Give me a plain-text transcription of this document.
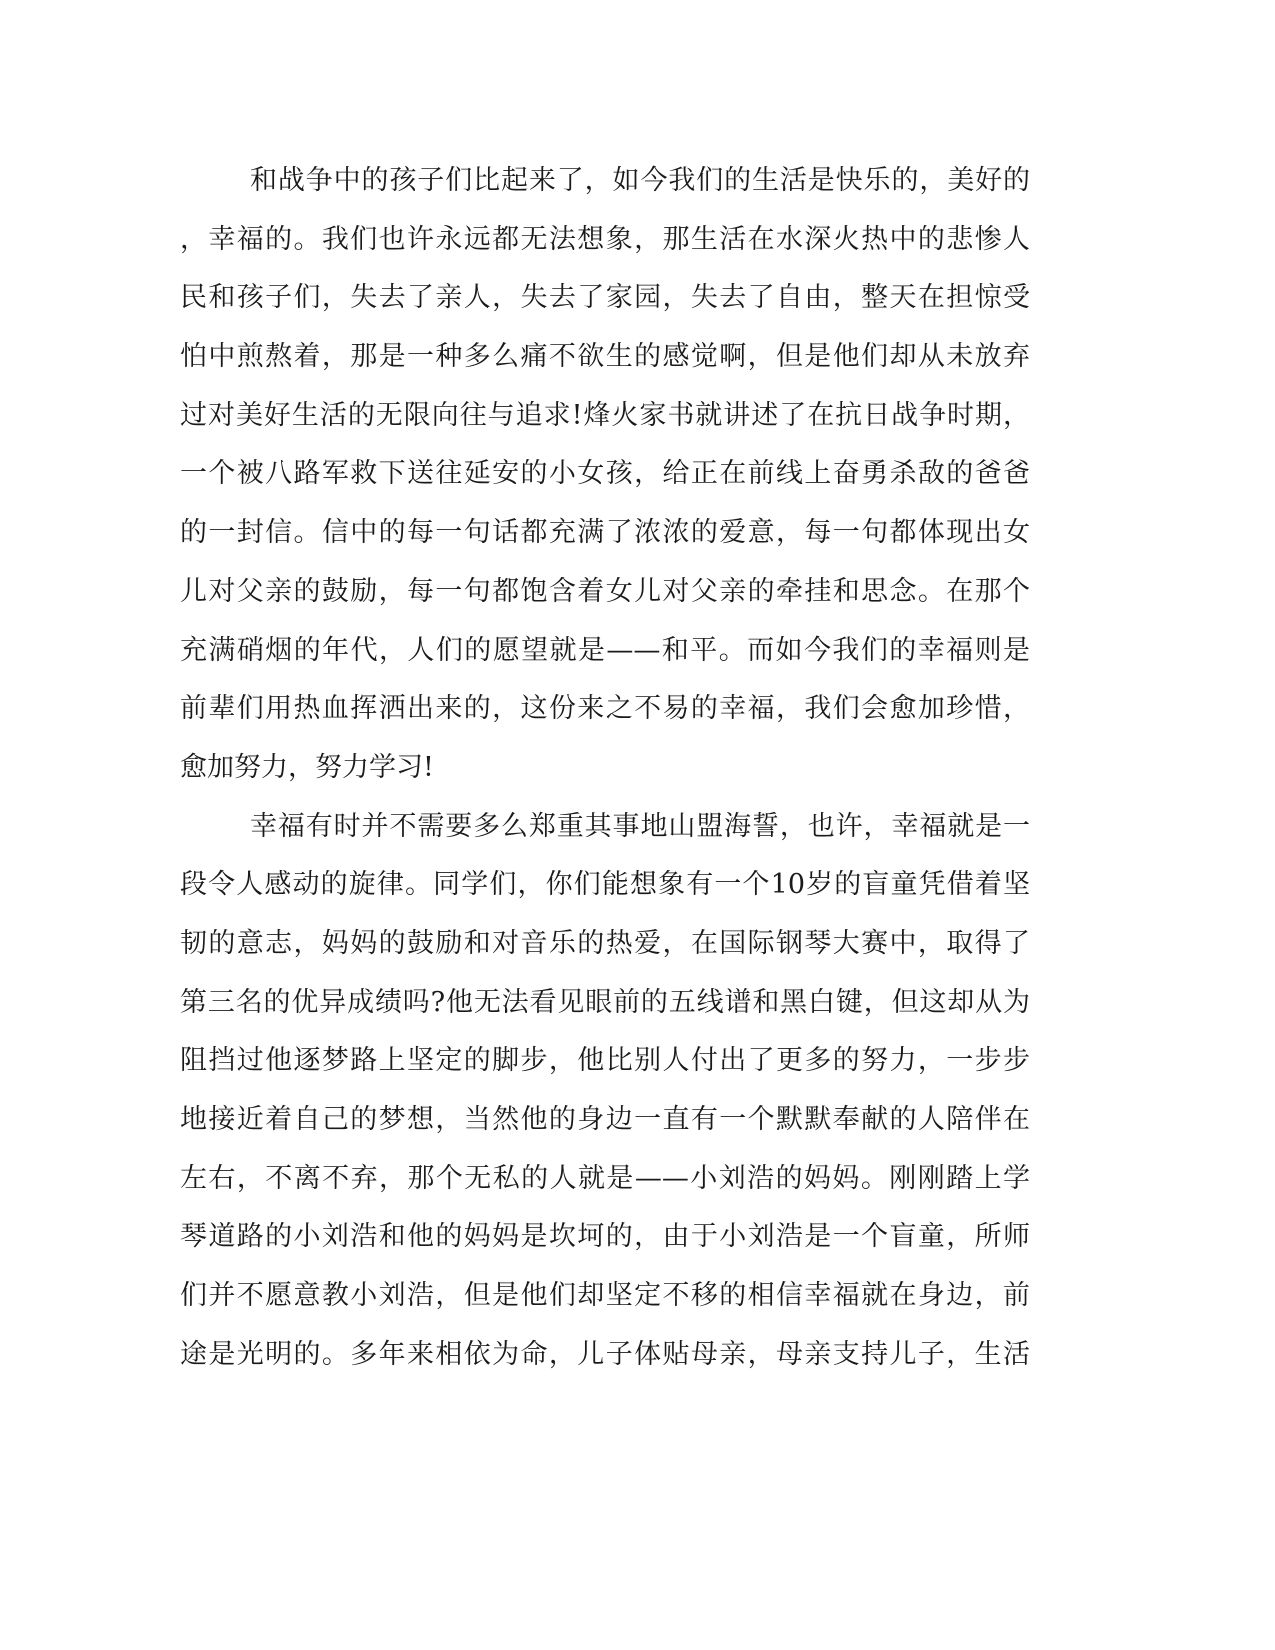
和战争中的孩子们比起来了，如今我们的生活是快乐的，美好的
，幸福的。我们也许永远都无法想象，那生活在水深火热中的悲惨人
民和孩子们，失去了亲人，失去了家园，失去了自由，整天在担惊受
怕中煎熬着，那是一种多么痛不欲生的感觉啊，但是他们却从未放弃
过对美好生活的无限向往与追求!烽火家书就讲述了在抗日战争时期，
一个被八路军救下送往延安的小女孩，给正在前线上奋勇杀敌的爸爸
的一封信。信中的每一句话都充满了浓浓的爱意，每一句都体现出女
儿对父亲的鼓励，每一句都饱含着女儿对父亲的牵挂和思念。在那个
充满硝烟的年代，人们的愿望就是——和平。而如今我们的幸福则是
前辈们用热血挥洒出来的，这份来之不易的幸福，我们会愈加珍惜，
愈加努力，努力学习!
幸福有时并不需要多么郑重其事地山盟海誓，也许，幸福就是一
段令人感动的旋律。同学们，你们能想象有一个10岁的盲童凭借着坚
韧的意志，妈妈的鼓励和对音乐的热爱，在国际钢琴大赛中，取得了
第三名的优异成绩吗?他无法看见眼前的五线谱和黑白键，但这却从为
阻挡过他逐梦路上坚定的脚步，他比别人付出了更多的努力，一步步
地接近着自己的梦想，当然他的身边一直有一个默默奉献的人陪伴在
左右，不离不弃，那个无私的人就是——小刘浩的妈妈。刚刚踏上学
琴道路的小刘浩和他的妈妈是坎坷的，由于小刘浩是一个盲童，所师
们并不愿意教小刘浩，但是他们却坚定不移的相信幸福就在身边，前
途是光明的。多年来相依为命，儿子体贴母亲，母亲支持儿子，生活
